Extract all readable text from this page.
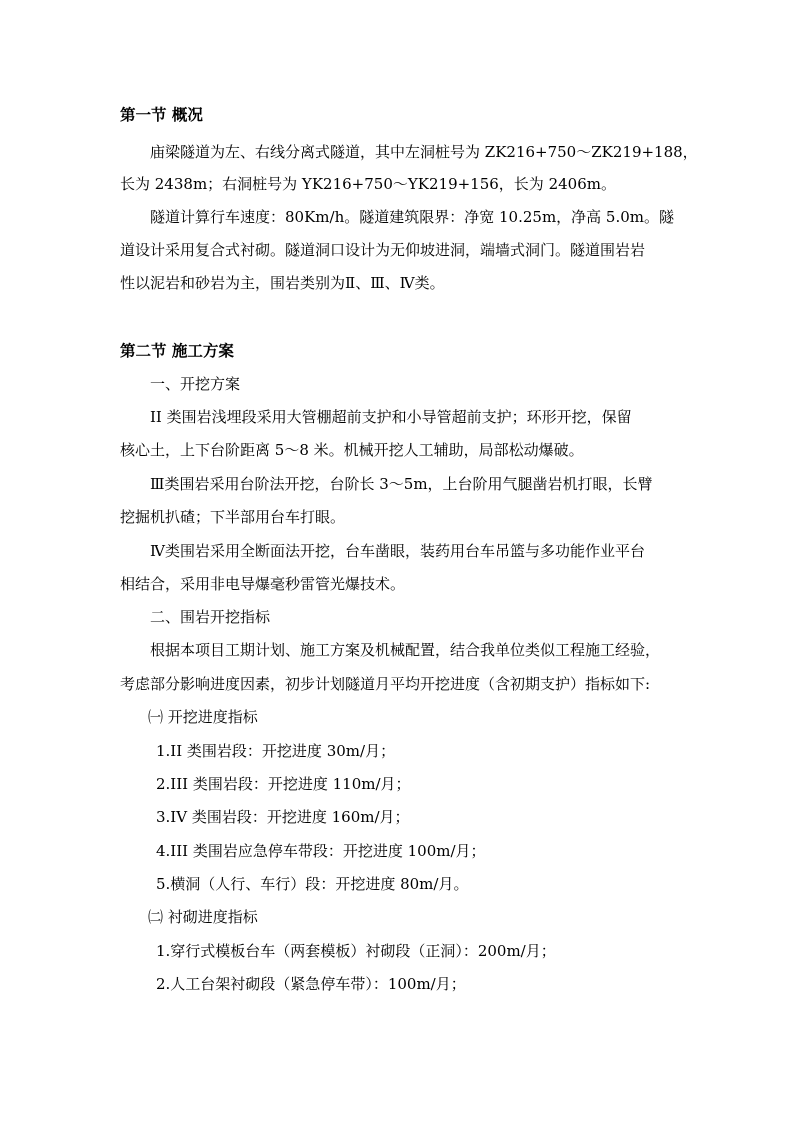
第一节 概况
庙梁隧道为左、右线分离式隧道，其中左洞桩号为 ZK216+750～ZK219+188，
长为 2438m；右洞桩号为 YK216+750～YK219+156，长为 2406m。
隧道计算行车速度：80Km/h。隧道建筑限界：净宽 10.25m，净高 5.0m。隧
道设计采用复合式衬砌。隧道洞口设计为无仰坡进洞，端墙式洞门。隧道围岩岩
性以泥岩和砂岩为主，围岩类别为Ⅱ、Ⅲ、Ⅳ类。
第二节 施工方案
一、开挖方案
II 类围岩浅埋段采用大管棚超前支护和小导管超前支护；环形开挖，保留
核心土，上下台阶距离 5～8 米。机械开挖人工辅助，局部松动爆破。
Ⅲ类围岩采用台阶法开挖，台阶长 3～5m，上台阶用气腿凿岩机打眼，长臂
挖掘机扒碴；下半部用台车打眼。
Ⅳ类围岩采用全断面法开挖，台车凿眼，装药用台车吊篮与多功能作业平台
相结合，采用非电导爆毫秒雷管光爆技术。
二、围岩开挖指标
根据本项目工期计划、施工方案及机械配置，结合我单位类似工程施工经验，
考虑部分影响进度因素，初步计划隧道月平均开挖进度（含初期支护）指标如下:
㈠ 开挖进度指标
1.II 类围岩段：开挖进度 30m/月；
2.III 类围岩段：开挖进度 110m/月；
3.IV 类围岩段：开挖进度 160m/月；
4.III 类围岩应急停车带段：开挖进度 100m/月；
5.横洞（人行、车行）段：开挖进度 80m/月。
㈡ 衬砌进度指标
1.穿行式模板台车（两套模板）衬砌段（正洞）：200m/月；
2.人工台架衬砌段（紧急停车带）：100m/月；
